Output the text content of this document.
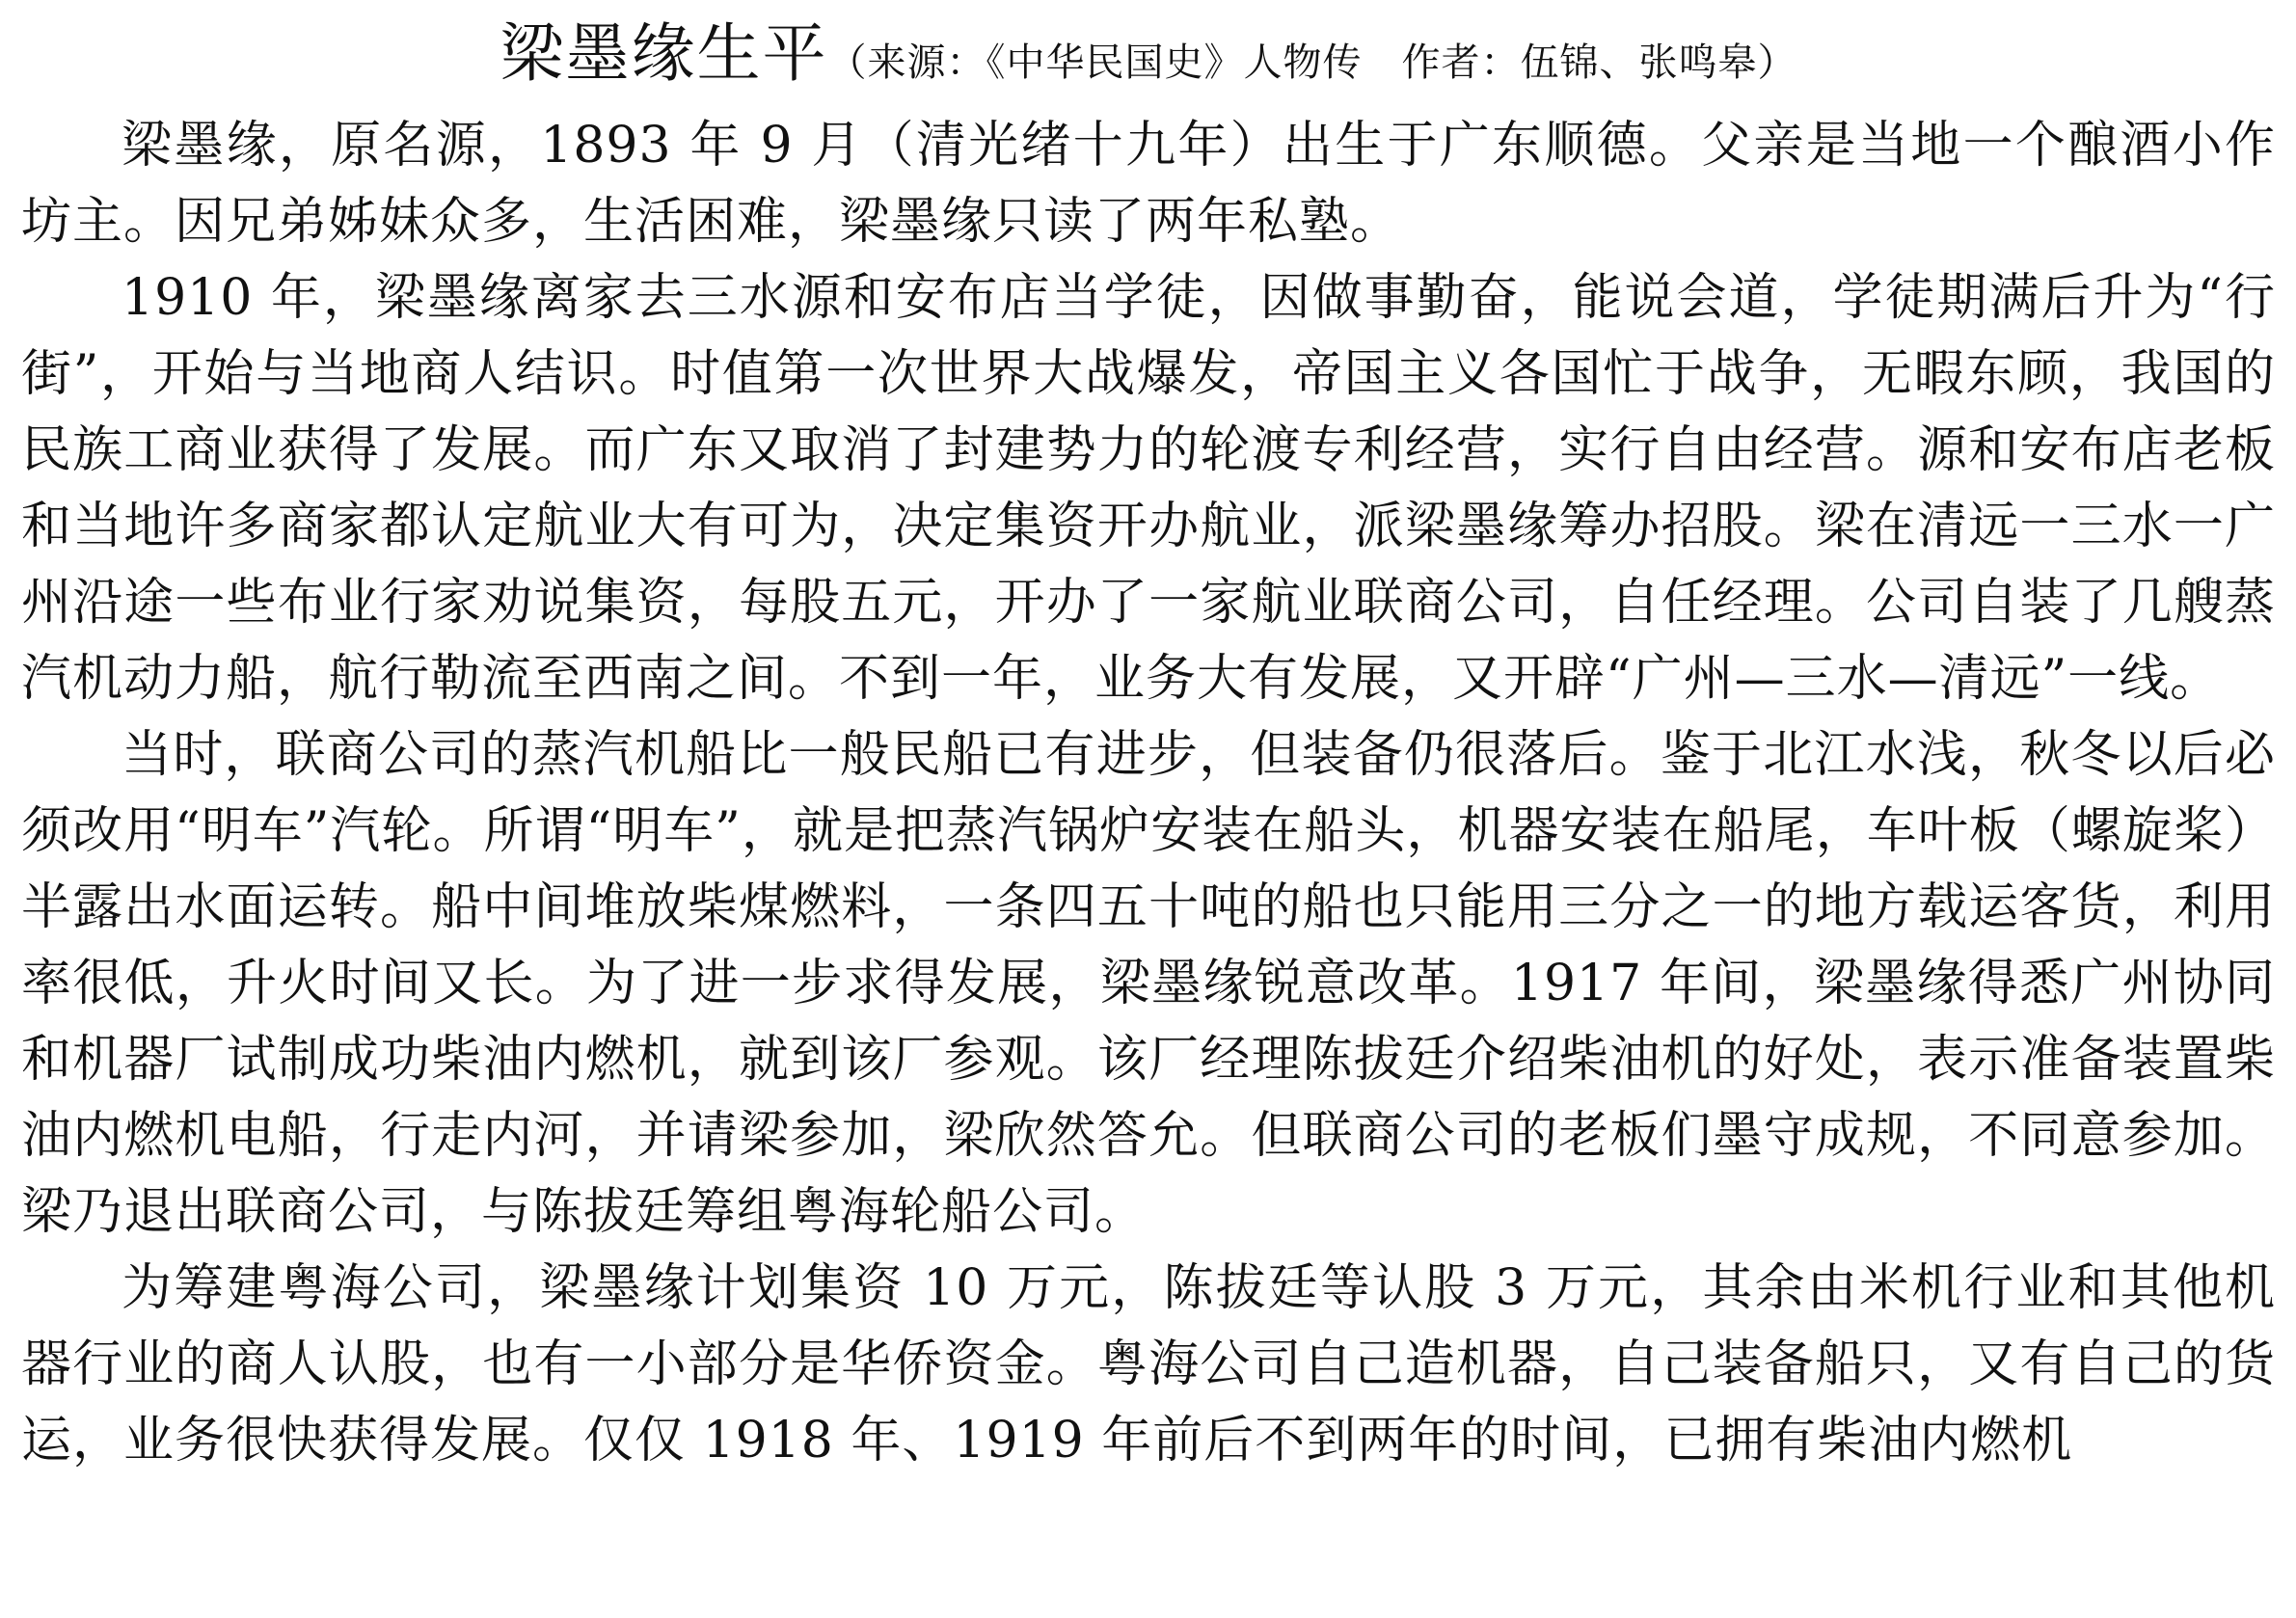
梁墨缘生平（来源：《中华民国史》人物传　作者：伍锦、张鸣皋）

梁墨缘，原名源，1893 年 9 月（清光绪十九年）出生于广东顺德。父亲是当地一个酿酒小作坊主。因兄弟姊妹众多，生活困难，梁墨缘只读了两年私塾。

1910 年，梁墨缘离家去三水源和安布店当学徒，因做事勤奋，能说会道，学徒期满后升为“行街”，开始与当地商人结识。时值第一次世界大战爆发，帝国主义各国忙于战争，无暇东顾，我国的民族工商业获得了发展。而广东又取消了封建势力的轮渡专利经营，实行自由经营。源和安布店老板和当地许多商家都认定航业大有可为，决定集资开办航业，派梁墨缘筹办招股。梁在清远一三水一广州沿途一些布业行家劝说集资，每股五元，开办了一家航业联商公司，自任经理。公司自装了几艘蒸汽机动力船，航行勒流至西南之间。不到一年，业务大有发展，又开辟“广州—三水—清远”一线。

当时，联商公司的蒸汽机船比一般民船已有进步，但装备仍很落后。鉴于北江水浅，秋冬以后必须改用“明车”汽轮。所谓“明车”，就是把蒸汽锅炉安装在船头，机器安装在船尾，车叶板（螺旋桨）半露出水面运转。船中间堆放柴煤燃料，一条四五十吨的船也只能用三分之一的地方载运客货，利用率很低，升火时间又长。为了进一步求得发展，梁墨缘锐意改革。1917 年间，梁墨缘得悉广州协同和机器厂试制成功柴油内燃机，就到该厂参观。该厂经理陈拔廷介绍柴油机的好处，表示准备装置柴油内燃机电船，行走内河，并请梁参加，梁欣然答允。但联商公司的老板们墨守成规，不同意参加。梁乃退出联商公司，与陈拔廷筹组粤海轮船公司。

为筹建粤海公司，梁墨缘计划集资 10 万元，陈拔廷等认股 3 万元，其余由米机行业和其他机器行业的商人认股，也有一小部分是华侨资金。粤海公司自己造机器，自己装备船只，又有自己的货运，业务很快获得发展。仅仅 1918 年、1919 年前后不到两年的时间，已拥有柴油内燃机
